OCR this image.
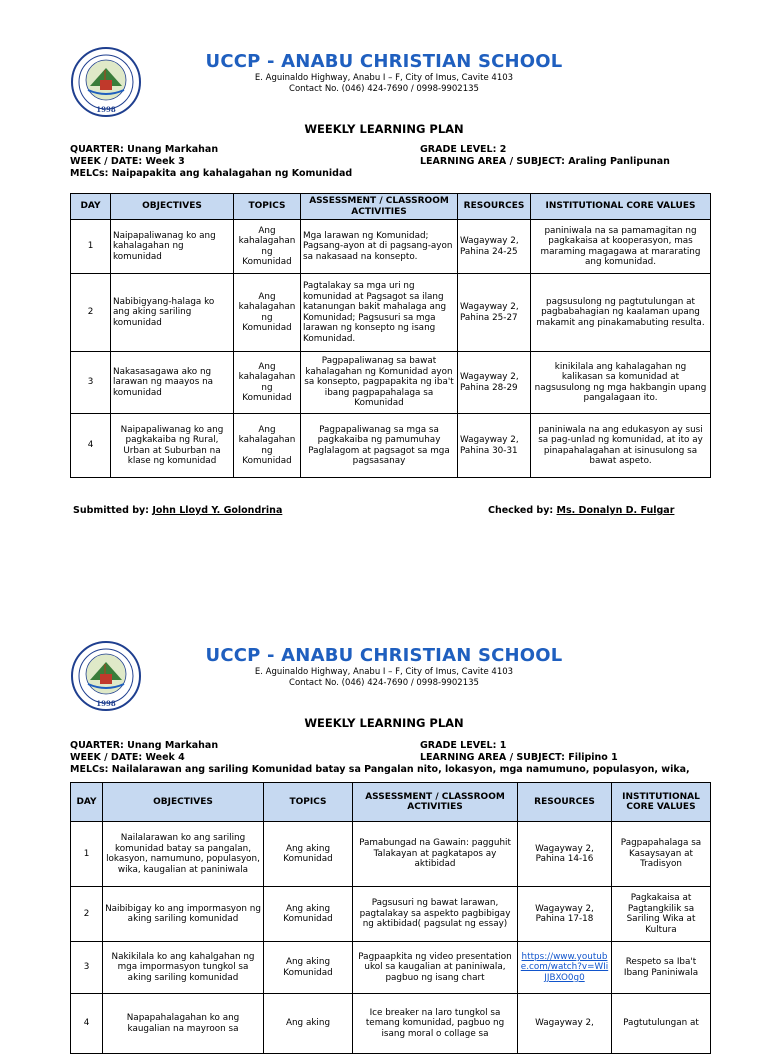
1998
UCCP - ANABU CHRISTIAN SCHOOL
E. Aguinaldo Highway, Anabu I – F, City of Imus, Cavite 4103
Contact No. (046) 424-7690 / 0998-9902135
WEEKLY LEARNING PLAN
QUARTER: Unang Markahan
WEEK / DATE: Week 3
MELCs: Naipapakita ang kahalagahan ng Komunidad
GRADE LEVEL: 2
LEARNING AREA / SUBJECT: Araling Panlipunan
DAY	OBJECTIVES	TOPICS	ASSESSMENT / CLASSROOM ACTIVITIES	RESOURCES	INSTITUTIONAL CORE VALUES
1	Naipapaliwanag ko ang kahalagahan ng komunidad	Ang kahalagahan ng Komunidad	Mga larawan ng Komunidad; Pagsang-ayon at di pagsang-ayon sa nakasaad na konsepto.	Wagayway 2, Pahina 24-25	paniniwala na sa pamamagitan ng pagkakaisa at kooperasyon, mas maraming magagawa at mararating ang komunidad.
2	Nabibigyang-halaga ko ang aking sariling komunidad	Ang kahalagahan ng Komunidad	Pagtalakay sa mga uri ng komunidad at Pagsagot sa ilang katanungan bakit mahalaga ang Komunidad; Pagsusuri sa mga larawan ng konsepto ng isang Komunidad.	Wagayway 2, Pahina 25-27	pagsusulong ng pagtutulungan at pagbabahagian ng kaalaman upang makamit ang pinakamabuting resulta.
3	Nakasasagawa ako ng larawan ng maayos na komunidad	Ang kahalagahan ng Komunidad	Pagpapaliwanag sa bawat kahalagahan ng Komunidad ayon sa konsepto, pagpapakita ng iba't ibang pagpapahalaga sa Komunidad	Wagayway 2, Pahina 28-29	kinikilala ang kahalagahan ng kalikasan sa komunidad at nagsusulong ng mga hakbangin upang pangalagaan ito.
4	Naipapaliwanag ko ang pagkakaiba ng Rural, Urban at Suburban na klase ng komunidad	Ang kahalagahan ng Komunidad	Pagpapaliwanag sa mga sa pagkakaiba ng pamumuhay Paglalagom at pagsagot sa mga pagsasanay	Wagayway 2, Pahina 30-31	paniniwala na ang edukasyon ay susi sa pag-unlad ng komunidad, at ito ay pinapahalagahan at isinusulong sa bawat aspeto.
Submitted by: John Lloyd Y. Golondrina	Checked by: Ms. Donalyn D. Fulgar
1998
UCCP - ANABU CHRISTIAN SCHOOL
E. Aguinaldo Highway, Anabu I – F, City of Imus, Cavite 4103
Contact No. (046) 424-7690 / 0998-9902135
WEEKLY LEARNING PLAN
QUARTER: Unang Markahan
WEEK / DATE: Week 4
MELCs: Nailalarawan ang sariling Komunidad batay sa Pangalan nito, lokasyon, mga namumuno, populasyon, wika,
GRADE LEVEL: 1
LEARNING AREA / SUBJECT: Filipino 1
DAY	OBJECTIVES	TOPICS	ASSESSMENT / CLASSROOM ACTIVITIES	RESOURCES	INSTITUTIONAL CORE VALUES
1	Nailalarawan ko ang sariling komunidad batay sa pangalan, lokasyon, namumuno, populasyon, wika, kaugalian at paniniwala	Ang aking Komunidad	Pamabungad na Gawain: pagguhit Talakayan at pagkatapos ay aktibidad	Wagayway 2, Pahina 14-16	Pagpapahalaga sa Kasaysayan at Tradisyon
2	Naibibigay ko ang impormasyon ng aking sariling komunidad	Ang aking Komunidad	Pagsusuri ng bawat larawan, pagtalakay sa aspekto pagbibigay ng aktibidad( pagsulat ng essay)	Wagayway 2, Pahina 17-18	Pagkakaisa at Pagtangkilik sa Sariling Wika at Kultura
3	Nakikilala ko ang kahalgahan ng mga impormasyon tungkol sa aking sariling komunidad	Ang aking Komunidad	Pagpaapkita ng video presentation ukol sa kaugalian at paniniwala, pagbuo ng isang chart	https://www.youtube.com/watch?v=WIiJJBXO0g0	Respeto sa Iba't Ibang Paniniwala
4	Napapahalagahan ko ang kaugalian na mayroon sa	Ang aking	Ice breaker na laro tungkol sa temang komunidad, pagbuo ng isang moral o collage sa	Wagayway 2,	Pagtutulungan at
